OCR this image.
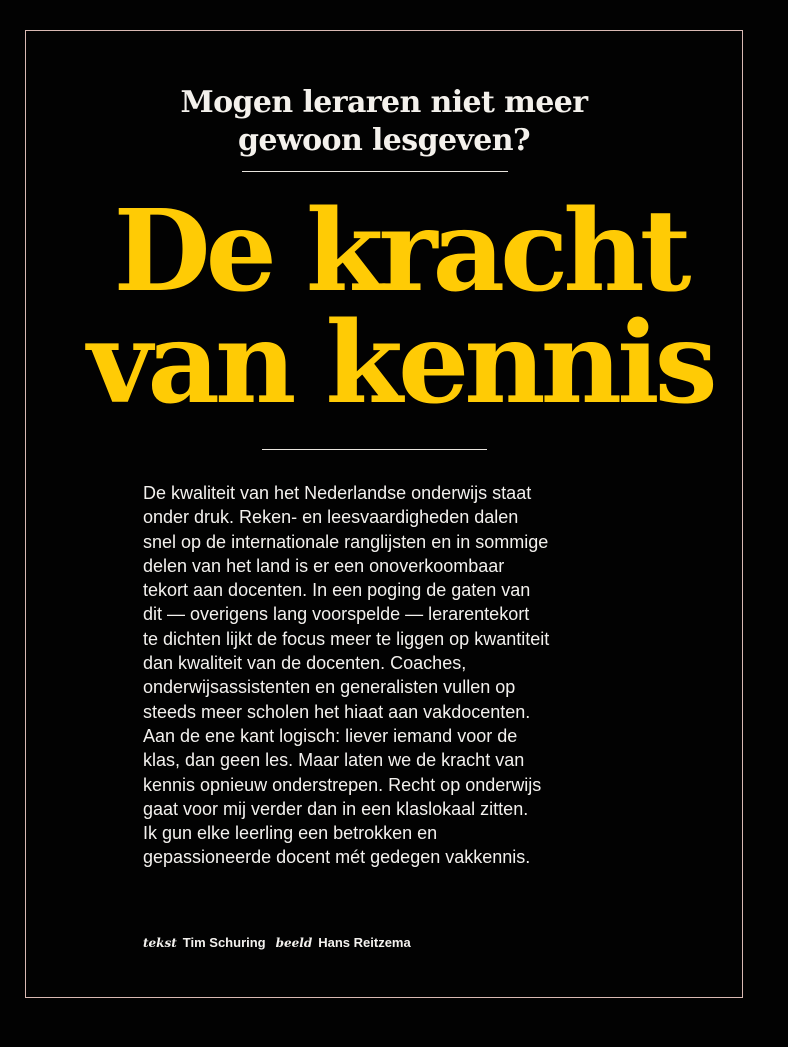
Mogen leraren niet meer
gewoon lesgeven?
De kracht
van kennis
De kwaliteit van het Nederlandse onderwijs staat
onder druk. Reken- en leesvaardigheden dalen
snel op de internationale ranglijsten en in sommige
delen van het land is er een onoverkoombaar
tekort aan docenten. In een poging de gaten van
dit — overigens lang voorspelde — lerarentekort
te dichten lijkt de focus meer te liggen op kwantiteit
dan kwaliteit van de docenten. Coaches,
onderwijsassistenten en generalisten vullen op
steeds meer scholen het hiaat aan vakdocenten.
Aan de ene kant logisch: liever iemand voor de
klas, dan geen les. Maar laten we de kracht van
kennis opnieuw onderstrepen. Recht op onderwijs
gaat voor mij verder dan in een klaslokaal zitten.
Ik gun elke leerling een betrokken en
gepassioneerde docent mét gedegen vakkennis.
tekst Tim Schuring beeld Hans Reitzema
